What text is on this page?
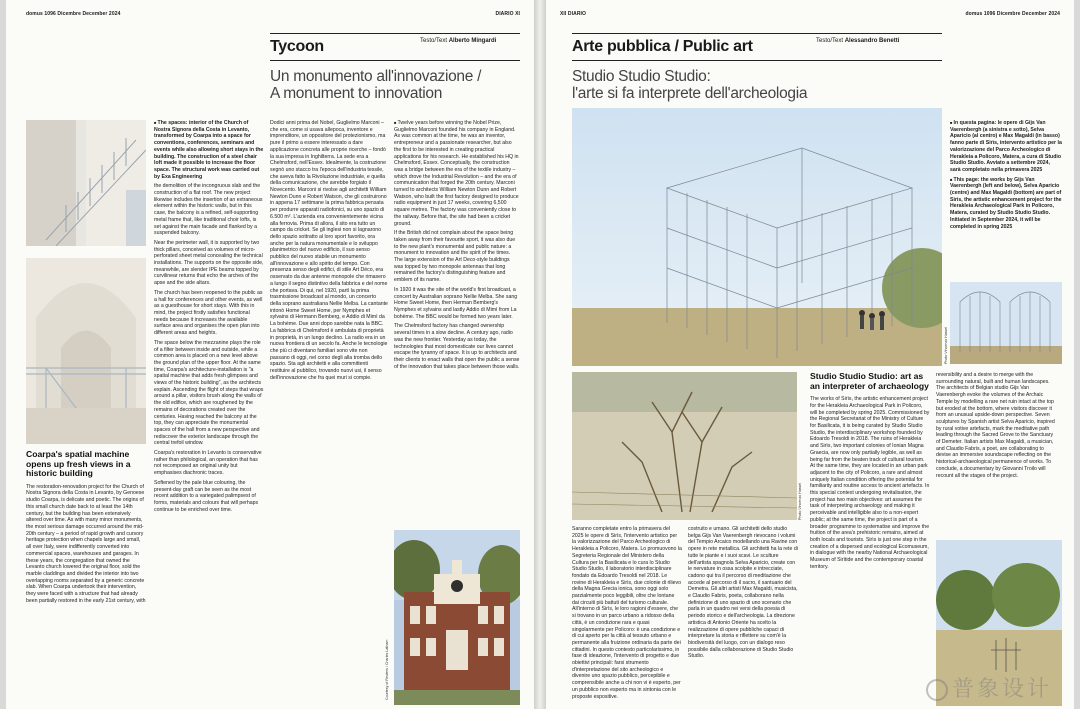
domus 1096 Dicembre December 2024	DIARIO XI
Tycoon	Testo/Text Alberto Mingardi
Un monumento all'innovazione /
A monument to innovation
Coarpa's spatial machine opens up fresh views in a historic building

The restoration-renovation project for the Church of Nostra Signora della Costa in Levanto, by Genoese studio Coarpa, is delicate and poetic. The origins of this small church date back to at least the 14th century, but the building has been extensively altered over time. As with many minor monuments, the most serious damage occurred around the mid-20th century – a period of rapid growth and cursory heritage protection when chapels large and small, all over Italy, were indifferently converted into commercial spaces, warehouses and garages. In these years, the congregation that owned the Levanto church lowered the original floor, sold the marble claddings and divided the interior into two overlapping rooms separated by a generic concrete slab. When Coarpa undertook their intervention, they were faced with a structure that had already been partially restored in the early 21st century, with

■ The spaces: interior of the Church of Nostra Signora della Costa in Levanto, transformed by Coarpa into a space for conventions, conferences, seminars and events while also allowing short stays in the building. The construction of a steel chair loft made it possible to increase the floor space. The structural work was carried out by Exa Engineering

the demolition of the incongruous slab and the construction of a flat roof. The new project likewise includes the insertion of an extraneous element within the historic walls, but in this case, the balcony is a refined, self-supporting metal frame that, like traditional choir lofts, is set against the main facade and flanked by a suspended balcony.

Near the perimeter wall, it is supported by two thick pillars, conceived as volumes of micro-perforated sheet metal concealing the technical installations. The supports on the opposite side, meanwhile, are slender IPE beams topped by curvilinear returns that echo the arches of the apse and the side altars.

The church has been reopened to the public as a hall for conferences and other events, as well as a guesthouse for short stays. With this in mind, the project firstly satisfies functional needs because it increases the available surface area and organises the open plan into different areas and heights.

The space below the mezzanine plays the role of a filter between inside and outside, while a common area is placed on a new level above the ground plan of the upper floor. At the same time, Coarpa's architecture-installation is "a spatial machine that adds fresh glimpses and views of the historic building", as the architects explain. Ascending the flight of steps that wraps around a pillar, visitors brush along the walls of the old edifice, which are roughened by the remains of decorations created over the centuries. Having reached the balcony at the top, they can appreciate the monumental spaces of the hall from a new perspective and rediscover the exterior landscape through the central trefoil window.

Coarpa's restoration in Levanto is conservative rather than philological, an operation that has not recomposed an original unity but emphasises diachronic traces.

Softened by the pale blue colouring, the present-day graft can be seen as the most recent addition to a variegated palimpsest of forms, materials and colours that will perhaps continue to be enriched over time.

Dodici anni prima del Nobel, Guglielmo Marconi – che era, come si usava allepoca, inventore e imprenditore, un oppositore del protezionismo, ma pure il primo a essere interessato a dare applicazione concreta alle proprie ricerche – fondò la sua impresa in Inghilterra. La sede era a Chelmsford, nell'Essex. Idealmente, la costruzione segnò uno stacco tra l'epoca dell'industria tessile, che aveva fatto la Rivoluzione industriale, e quella della comunicazione, che avrebbe forgiato il Novecento. Marconi si rivolse agli architetti William Newton Dunn e Robert Watson, che gli costruirono in appena 17 settimane la prima fabbrica pensata per produrre apparati radiofonici, su uno spazio di 6.500 m². L'azienda era convenientemente vicina alla ferrovia. Prima di allora, il sito era tutto un campo da cricket. Se gli inglesi non si lagnarono dello spazio sottratto al loro sport favorito, ora anche per la natura monumentale e lo sviluppo planimetrico del nuovo edificio, il suo senso pubblico del nuovo stabile un monumento all'innovazione e allo spirito del tempo. Con presenza senso degli edifici, di stile Art Déco, era osservato da due antenne monopole che rimasero a lungo il segno distintivo della fabbrica e del nome che portava. Di qui, nel 1920, partì la prima trasmissione broadcast al mondo, un concerto della soprano australiana Nellie Melba. La cantante intonò Home Sweet Home, per Nymphes et sylvains di Hermann Bemberg, e Addio di Mimì da La bohème. Due anni dopo sarebbe nata la BBC. La fabbrica di Chelmsford è ambulata di proprietà in proprietà, in un lungo declino. La radio era in un nuova frontiera di un secolo fa. Anche le tecnologie che più ci diventano familiari sono vite non passano di oggi, nel corso degli alla tromba dello spazio. Sta agli architetti e alla committenti restituire al pubblico, trovando nuovi usi, il senso dell'innovazione che fra quei muri si compie.

■ Twelve years before winning the Nobel Prize, Guglielmo Marconi founded his company in England. As was common at the time, he was an inventor, entrepreneur and a passionate researcher, but also the first to be interested in creating practical applications for his research. He established his HQ in Chelmsford, Essex. Conceptually, the construction was a bridge between the era of the textile industry – which drove the Industrial Revolution – and the era of communication that forged the 20th century. Marconi turned to architects William Newton Dunn and Robert Watson, who built the first factory designed to produce radio equipment in just 17 weeks, covering 6,500 square metres. The factory was conveniently close to the railway. Before that, the site had been a cricket ground.

If the British did not complain about the space being taken away from their favourite sport, it was also due to the new plant's monumental and public nature: a monument to innovation and the spirit of the times. The large extension of the Art Deco-style buildings was topped by two monopole antennas that long remained the factory's distinguishing feature and emblem of its name.

In 1920 it was the site of the world's first broadcast, a concert by Australian soprano Nellie Melba. She sang Home Sweet Home, then Herman Bemberg's Nymphes et sylvains and lastly Addio di Mimì from La bohème. The BBC would be formed two years later.

The Chelmsford factory has changed ownership several times in a slow decline. A century ago, radio was the new frontier. Yesterday as today, the technologies that most domesticate our lives cannot escape the tyranny of space. It is up to architects and their clients to enact walls that open the public a sense of the innovation that takes place between those walls.

Courtesy of Reuters / Charles Latham
XII DIARIO	domus 1096 Dicembre December 2024
Arte pubblica / Public art	Testo/Text Alessandro Benetti
Studio Studio Studio:
l'arte si fa interprete dell'archeologia
Photo Vincenzo Hassel
Photo Vincenzo Hassel

Saranno completate entro la primavera del 2025 le opere di Sirìs, l'intervento artistico per la valorizzazione del Parco Archeologico di Herakleia a Policoro, Matera. Lo promuovono la Segreteria Regionale del Ministero della Cultura per la Basilicata e lo cura lo Studio Studio Studio, il laboratorio interdisciplinare fondato da Edoardo Tresoldi nel 2018. Le rovine di Herakleia e Sirìs, due colonie di rilievo della Magna Grecia ionica, sono oggi solo parzialmente poco leggibili, oltre che lontane dai circuiti più battuti del turismo culturale. All'interno di Sirìs, le loro ragioni d'essere, che si trovano in un parco urbano a ridosso della città, è un condizione rara e quasi singolarmente per Policoro: è una condizione e di cui aperto per la città al tessuto urbano e permanente alla fruizione ordinaria da parte dei cittadini. In questo contesto particolarissimo, in fase di ideazione, l'intervento di progetto e due obiettivi principali: farsi strumento d'interpretazione del sito archeologico e divenire uno spazio pubblico, percepibile e comprensibile anche a chi non vi è esperto, per un pubblico non esperto ma in sintonia con le proposte espositive.

costruito e umano. Gli architetti dello studio belga Gijs Van Vaerenbergh rievocano i volumi del Tempio Arcaico modellando una Ravine con opere in rete metallica. Gli architetti ha la rete di tutte le piante e i suoi scavi. Le sculture dell'artista spagnola Selva Aparicio, create con le nervature in ossa scolpite e intrecciate, cadono qui tra il percorso di meditazione che accede al percorso di il sacro, il santuario del Demetra. Gli altri artisti Max Magaldi, musicista, e Claudio Fabris, poeta, collaborano nella definizione di uno spazio di uno scenario che parla in un quadro nei versi della poesia di periodo storico e dell'archeologia. La direzione artistica di Antonio Oriente ha scelto la realizzazione di opere pubbliche capaci di interpretare la storia e riflettere su com'è la biodiversità del luogo, con un dialogo reso possibile dalla collaborazione di Studio Studio Studio.

Studio Studio Studio: art as an interpreter of archaeology

The works of Sirìs, the artistic enhancement project for the Herakleia Archaeological Park in Policoro, will be completed by spring 2025. Commissioned by the Regional Secretariat of the Ministry of Culture for Basilicata, it is being curated by Studio Studio Studio, the interdisciplinary workshop founded by Edoardo Tresoldi in 2018. The ruins of Herakleia and Sirìs, two important colonies of Ionian Magna Graecia, are now only partially legible, as well as being far from the beaten track of cultural tourism. At the same time, they are located in an urban park adjacent to the city of Policoro, a rare and almost uniquely Italian condition offering the potential for familiarity and routine access to ancient artefacts. In this special context undergoing revitalisation, the project has two main objectives: art assumes the task of interpreting archaeology and making it perceivable and intelligible also to a non-expert public; at the same time, the project is part of a broader programme to systematise and improve the fruition of the area's prehistoric remains, aimed at both locals and tourists. Sirìs is just one step in the creation of a dispersed and ecological Ecomuseum, in dialogue with the nearby National Archaeological Museum of Sirìtide and the contemporary coastal territory.

reversibility and a desire to merge with the surrounding natural, built and human landscapes. The architects of Belgian studio Gijs Van Vaerenbergh evoke the volumes of the Archaic Temple by modelling a rare net ruin intact at the top but eroded at the bottom, where visitors discover it from an unusual upside-down perspective. Seven sculptures by Spanish artist Selva Aparicio, inspired by rural votive artefacts, mark the meditative path leading through the Sacred Grove to the Sanctuary of Demeter. Italian artists Max Magaldi, a musician, and Claudio Fabris, a poet, are collaborating to devise an immersive soundscape reflecting on the historical-archaeological permanence of works. To conclude, a documentary by Giovanni Troilo will recount all the stages of the project.

■ In questa pagina: le opere di Gijs Van Vaerenbergh (a sinistra e sotto), Selva Aparicio (al centro) e Max Magaldi (in basso) fanno parte di Sirìs, intervento artistico per la valorizzazione del Parco Archeologico di Herakleia a Policoro, Matera, a cura di Studio Studio Studio. Avviato a settembre 2024, sarà completato nella primavera 2025

■ This page: the works by Gijs Van Vaerenbergh (left and below), Selva Aparicio (centre) and Max Magaldi (bottom) are part of Sirìs, the artistic enhancement project for the Herakleia Archaeological Park in Policoro, Matera, curated by Studio Studio Studio. Initiated in September 2024, it will be completed in spring 2025

普象设计
